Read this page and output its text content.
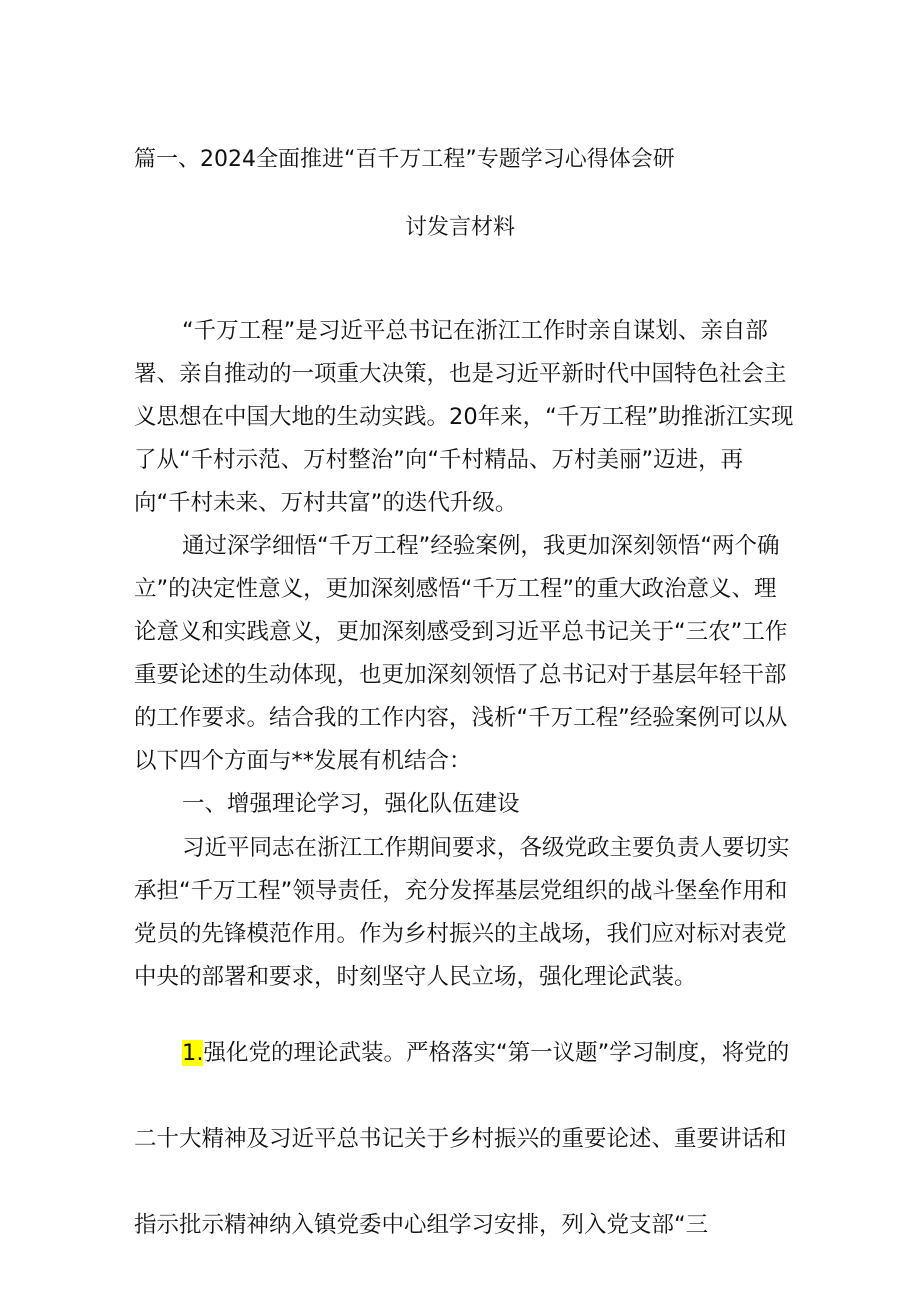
篇一、2024全面推进“百千万工程”专题学习心得体会研
讨发言材料

“千万工程”是习近平总书记在浙江工作时亲自谋划、亲自部署、亲自推动的一项重大决策，也是习近平新时代中国特色社会主义思想在中国大地的生动实践。20年来，“千万工程”助推浙江实现了从“千村示范、万村整治”向“千村精品、万村美丽”迈进，再向“千村未来、万村共富”的迭代升级。

通过深学细悟“千万工程”经验案例，我更加深刻领悟“两个确立”的决定性意义，更加深刻感悟“千万工程”的重大政治意义、理论意义和实践意义，更加深刻感受到习近平总书记关于“三农”工作重要论述的生动体现，也更加深刻领悟了总书记对于基层年轻干部的工作要求。结合我的工作内容，浅析“千万工程”经验案例可以从以下四个方面与**发展有机结合：

一、增强理论学习，强化队伍建设

习近平同志在浙江工作期间要求，各级党政主要负责人要切实承担“千万工程”领导责任，充分发挥基层党组织的战斗堡垒作用和党员的先锋模范作用。作为乡村振兴的主战场，我们应对标对表党中央的部署和要求，时刻坚守人民立场，强化理论武装。

1.强化党的理论武装。严格落实“第一议题”学习制度，将党的二十大精神及习近平总书记关于乡村振兴的重要论述、重要讲话和指示批示精神纳入镇党委中心组学习安排，列入党支部“三
